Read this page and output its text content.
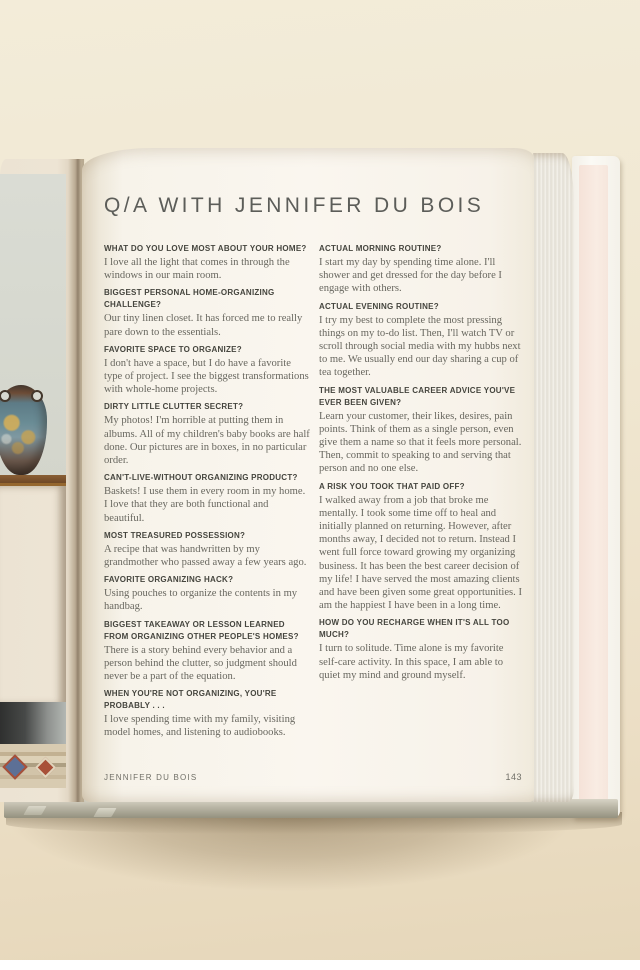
Q/A WITH JENNIFER DU BOIS
WHAT DO YOU LOVE MOST ABOUT YOUR HOME?
I love all the light that comes in through the windows in our main room.
BIGGEST PERSONAL HOME-ORGANIZING CHALLENGE?
Our tiny linen closet. It has forced me to really pare down to the essentials.
FAVORITE SPACE TO ORGANIZE?
I don't have a space, but I do have a favorite type of project. I see the biggest transformations with whole-home projects.
DIRTY LITTLE CLUTTER SECRET?
My photos! I'm horrible at putting them in albums. All of my children's baby books are half done. Our pictures are in boxes, in no particular order.
CAN'T-LIVE-WITHOUT ORGANIZING PRODUCT?
Baskets! I use them in every room in my home. I love that they are both functional and beautiful.
MOST TREASURED POSSESSION?
A recipe that was handwritten by my grandmother who passed away a few years ago.
FAVORITE ORGANIZING HACK?
Using pouches to organize the contents in my handbag.
BIGGEST TAKEAWAY OR LESSON LEARNED FROM ORGANIZING OTHER PEOPLE'S HOMES?
There is a story behind every behavior and a person behind the clutter, so judgment should never be a part of the equation.
WHEN YOU'RE NOT ORGANIZING, YOU'RE PROBABLY . . .
I love spending time with my family, visiting model homes, and listening to audiobooks.
ACTUAL MORNING ROUTINE?
I start my day by spending time alone. I'll shower and get dressed for the day before I engage with others.
ACTUAL EVENING ROUTINE?
I try my best to complete the most pressing things on my to-do list. Then, I'll watch TV or scroll through social media with my hubbs next to me. We usually end our day sharing a cup of tea together.
THE MOST VALUABLE CAREER ADVICE YOU'VE EVER BEEN GIVEN?
Learn your customer, their likes, desires, pain points. Think of them as a single person, even give them a name so that it feels more personal. Then, commit to speaking to and serving that person and no one else.
A RISK YOU TOOK THAT PAID OFF?
I walked away from a job that broke me mentally. I took some time off to heal and initially planned on returning. However, after months away, I decided not to return. Instead I went full force toward growing my organizing business. It has been the best career decision of my life! I have served the most amazing clients and have been given some great opportunities. I am the happiest I have been in a long time.
HOW DO YOU RECHARGE WHEN IT'S ALL TOO MUCH?
I turn to solitude. Time alone is my favorite self-care activity. In this space, I am able to quiet my mind and ground myself.
JENNIFER DU BOIS	143
